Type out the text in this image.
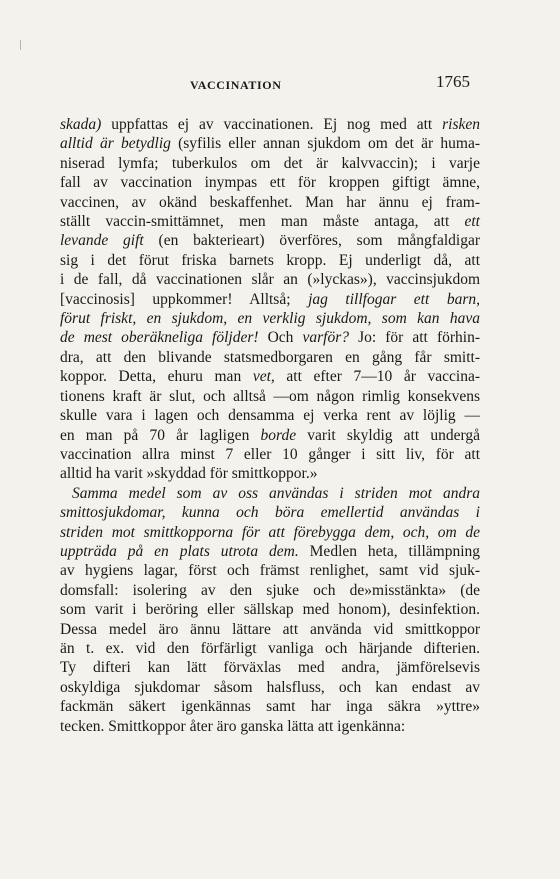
VACCINATION	1765
skada) uppfattas ej av vaccinationen. Ej nog med att risken
alltid är betydlig (syfilis eller annan sjukdom om det är huma-
niserad lymfa; tuberkulos om det är kalvvaccin); i varje
fall av vaccination inympas ett för kroppen giftigt ämne,
vaccinen, av okänd beskaffenhet. Man har ännu ej fram-
ställt vaccin-smittämnet, men man måste antaga, att ett
levande gift (en bakterieart) överföres, som mångfaldigar
sig i det förut friska barnets kropp. Ej underligt då, att
i de fall, då vaccinationen slår an (»lyckas»), vaccinsjukdom
[vaccinosis] uppkommer! Alltså; jag tillfogar ett barn,
förut friskt, en sjukdom, en verklig sjukdom, som kan hava
de mest oberäkneliga följder! Och varför? Jo: för att förhin-
dra, att den blivande statsmedborgaren en gång får smitt-
koppor. Detta, ehuru man vet, att efter 7—10 år vaccina-
tionens kraft är slut, och alltså —om någon rimlig konsekvens
skulle vara i lagen och densamma ej verka rent av löjlig —
en man på 70 år lagligen borde varit skyldig att undergå
vaccination allra minst 7 eller 10 gånger i sitt liv, för att
alltid ha varit »skyddad för smittkoppor.»
Samma medel som av oss användas i striden mot andra
smittosjukdomar, kunna och böra emellertid användas i
striden mot smittkopporna för att förebygga dem, och, om de
uppträda på en plats utrota dem. Medlen heta, tillämpning
av hygiens lagar, först och främst renlighet, samt vid sjuk-
domsfall: isolering av den sjuke och de»misstänkta» (de
som varit i beröring eller sällskap med honom), desinfektion.
Dessa medel äro ännu lättare att använda vid smittkoppor
än t. ex. vid den förfärligt vanliga och härjande difterien.
Ty difteri kan lätt förväxlas med andra, jämförelsevis
oskyldiga sjukdomar såsom halsfluss, och kan endast av
fackmän säkert igenkännas samt har inga säkra »yttre»
tecken. Smittkoppor åter äro ganska lätta att igenkänna:
